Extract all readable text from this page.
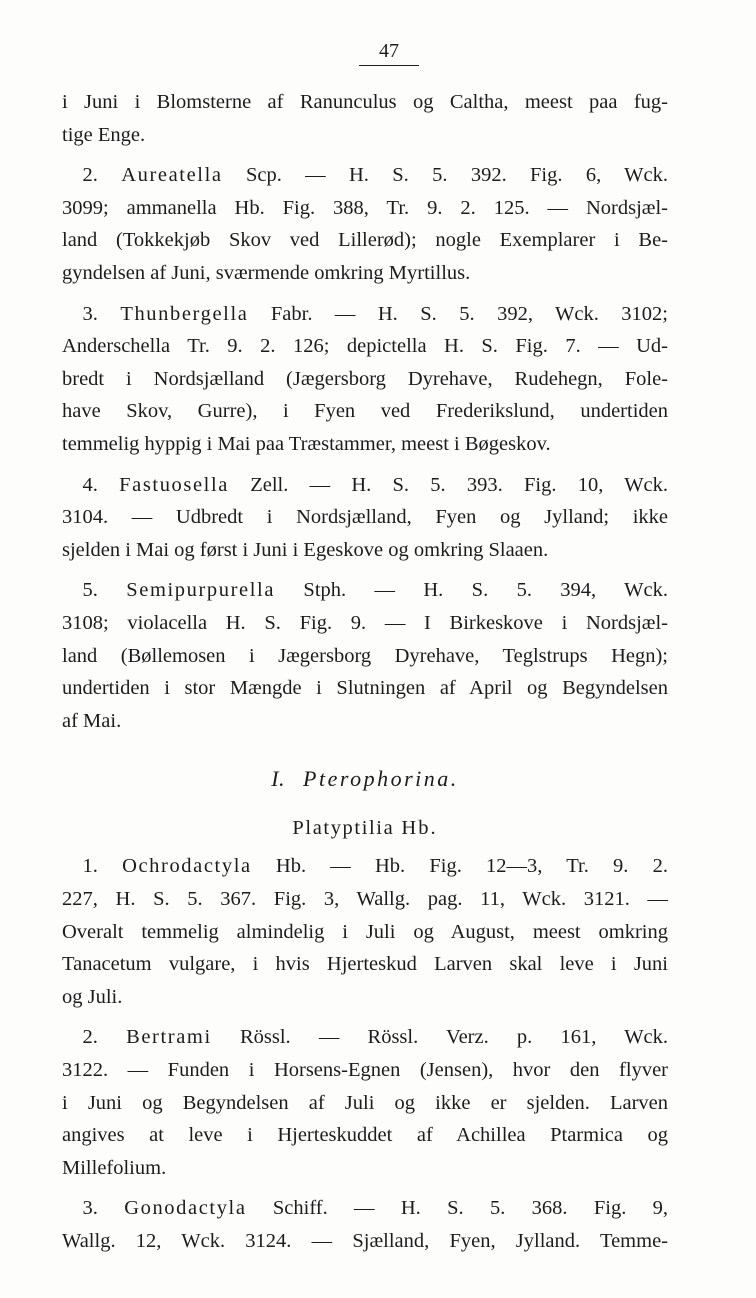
47
i Juni i Blomsterne af Ranunculus og Caltha, meest paa fug-
tige Enge.
 2. Aureatella Scp. — H. S. 5. 392. Fig. 6, Wck.
3099; ammanella Hb. Fig. 388, Tr. 9. 2. 125. — Nordsjæl-
land (Tokkekjøb Skov ved Lillerød); nogle Exemplarer i Be-
gyndelsen af Juni, sværmende omkring Myrtillus.
 3. Thunbergella Fabr. — H. S. 5. 392, Wck. 3102;
Anderschella Tr. 9. 2. 126; depictella H. S. Fig. 7. — Ud-
bredt i Nordsjælland (Jægersborg Dyrehave, Rudehegn, Fole-
have Skov, Gurre), i Fyen ved Frederikslund, undertiden
temmelig hyppig i Mai paa Træstammer, meest i Bøgeskov.
 4. Fastuosella Zell. — H. S. 5. 393. Fig. 10, Wck.
3104. — Udbredt i Nordsjælland, Fyen og Jylland; ikke
sjelden i Mai og først i Juni i Egeskove og omkring Slaaen.
 5. Semipurpurella Stph. — H. S. 5. 394, Wck.
3108; violacella H. S. Fig. 9. — I Birkeskove i Nordsjæl-
land (Bøllemosen i Jægersborg Dyrehave, Teglstrups Hegn);
undertiden i stor Mængde i Slutningen af April og Begyndelsen
af Mai.
I. Pterophorina.
Platyptilia Hb.
 1. Ochrodactyla Hb. — Hb. Fig. 12—3, Tr. 9. 2.
227, H. S. 5. 367. Fig. 3, Wallg. pag. 11, Wck. 3121. —
Overalt temmelig almindelig i Juli og August, meest omkring
Tanacetum vulgare, i hvis Hjerteskud Larven skal leve i Juni
og Juli.
 2. Bertrami Rössl. — Rössl. Verz. p. 161, Wck.
3122. — Funden i Horsens-Egnen (Jensen), hvor den flyver
i Juni og Begyndelsen af Juli og ikke er sjelden. Larven
angives at leve i Hjerteskuddet af Achillea Ptarmica og
Millefolium.
 3. Gonodactyla Schiff. — H. S. 5. 368. Fig. 9,
Wallg. 12, Wck. 3124. — Sjælland, Fyen, Jylland. Temme-
